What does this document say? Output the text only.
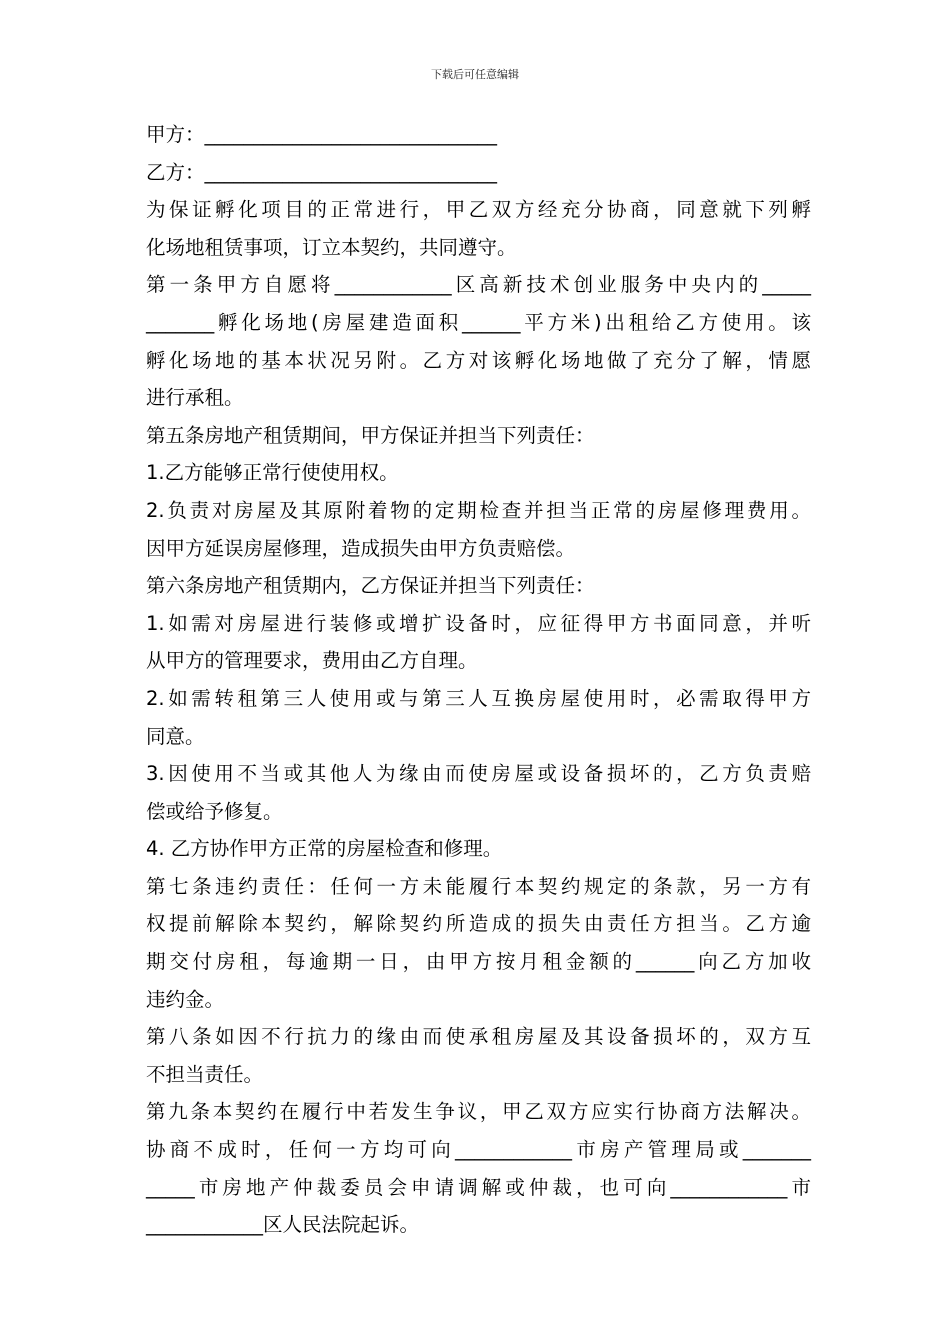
下载后可任意编辑
甲方：______________________________
乙方：______________________________
为保证孵化项目的正常进行，甲乙双方经充分协商，同意就下列孵
化场地租赁事项，订立本契约，共同遵守。
第一条甲方自愿将____________区高新技术创业服务中央内的_____
_______孵化场地(房屋建造面积______平方米)出租给乙方使用。该
孵化场地的基本状况另附。乙方对该孵化场地做了充分了解，情愿
进行承租。
第五条房地产租赁期间，甲方保证并担当下列责任：
1.乙方能够正常行使使用权。
2.负责对房屋及其原附着物的定期检查并担当正常的房屋修理费用。
因甲方延误房屋修理，造成损失由甲方负责赔偿。
第六条房地产租赁期内，乙方保证并担当下列责任：
1.如需对房屋进行装修或增扩设备时，应征得甲方书面同意，并听
从甲方的管理要求，费用由乙方自理。
2.如需转租第三人使用或与第三人互换房屋使用时，必需取得甲方
同意。
3.因使用不当或其他人为缘由而使房屋或设备损坏的，乙方负责赔
偿或给予修复。
4. 乙方协作甲方正常的房屋检查和修理。
第七条违约责任：任何一方未能履行本契约规定的条款，另一方有
权提前解除本契约，解除契约所造成的损失由责任方担当。乙方逾
期交付房租，每逾期一日，由甲方按月租金额的______向乙方加收
违约金。
第八条如因不行抗力的缘由而使承租房屋及其设备损坏的，双方互
不担当责任。
第九条本契约在履行中若发生争议，甲乙双方应实行协商方法解决。
协商不成时，任何一方均可向____________市房产管理局或_______
_____市房地产仲裁委员会申请调解或仲裁，也可向____________市
____________区人民法院起诉。
